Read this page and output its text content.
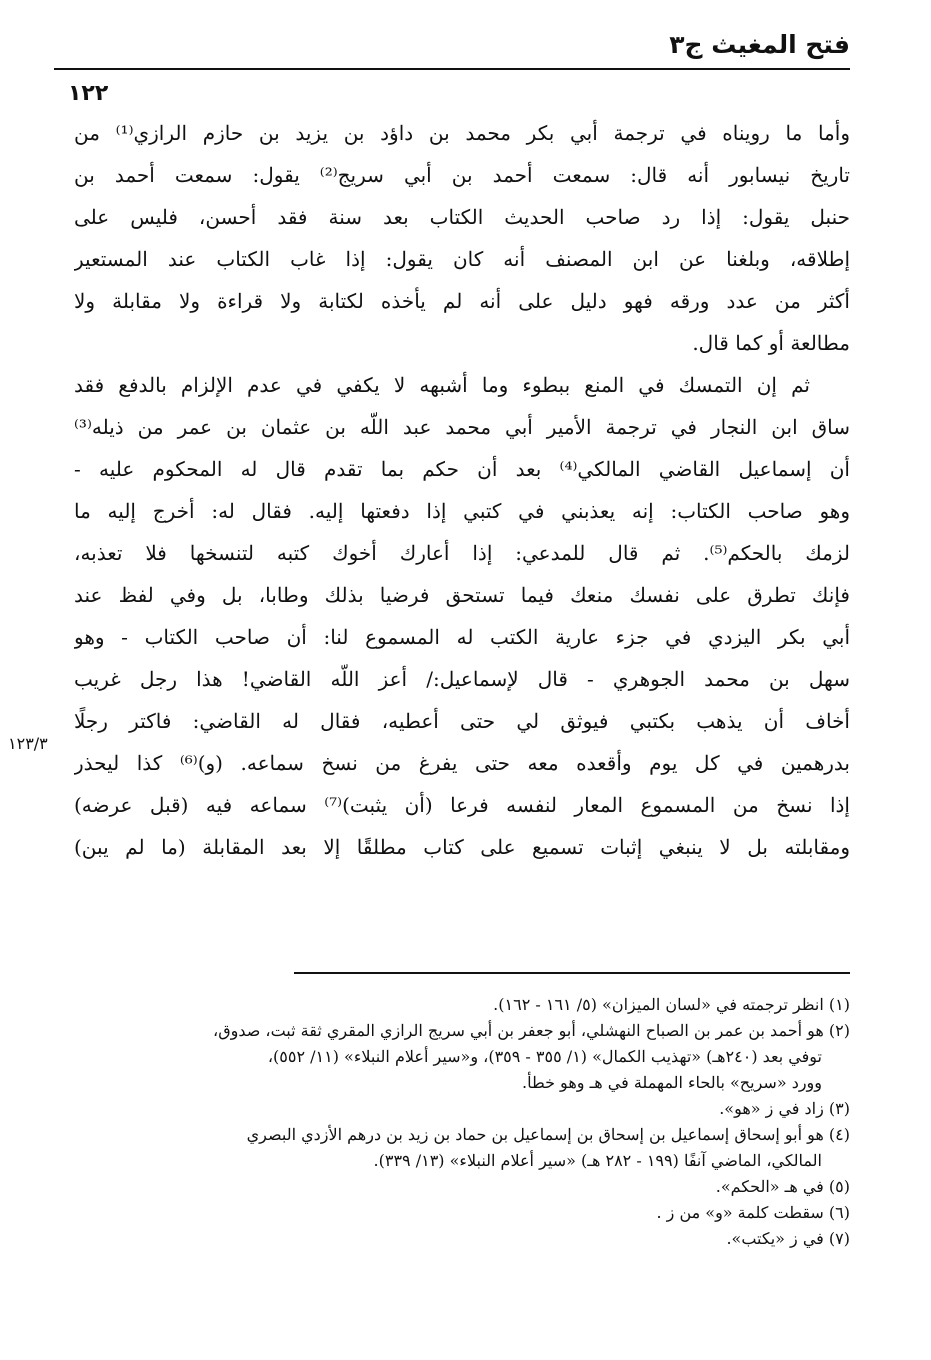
فتح المغيث ج٣
١٢٢
وأما ما رويناه في ترجمة أبي بكر محمد بن داؤد بن يزيد بن حازم الرازي⁽¹⁾ من
تاريخ نيسابور أنه قال: سمعت أحمد بن أبي سريج⁽²⁾ يقول: سمعت أحمد بن
حنبل يقول: إذا رد صاحب الحديث الكتاب بعد سنة فقد أحسن، فليس على
إطلاقه، وبلغنا عن ابن المصنف أنه كان يقول: إذا غاب الكتاب عند المستعير
أكثر من عدد ورقه فهو دليل على أنه لم يأخذه لكتابة ولا قراءة ولا مقابلة ولا
مطالعة أو كما قال.
ثم إن التمسك في المنع ببطوء وما أشبهه لا يكفي في عدم الإلزام بالدفع فقد
ساق ابن النجار في ترجمة الأمير أبي محمد عبد اللّه بن عثمان بن عمر من ذيله⁽³⁾
أن إسماعيل القاضي المالكي⁽⁴⁾ بعد أن حكم بما تقدم قال له المحكوم عليه -
وهو صاحب الكتاب: إنه يعذبني في كتبي إذا دفعتها إليه. فقال له: أخرج إليه ما
لزمك بالحكم⁽⁵⁾. ثم قال للمدعي: إذا أعارك أخوك كتبه لتنسخها فلا تعذبه،
فإنك تطرق على نفسك منعك فيما تستحق فرضيا بذلك وطابا، بل وفي لفظ عند
أبي بكر اليزدي في جزء عارية الكتب له المسموع لنا: أن صاحب الكتاب - وهو
سهل بن محمد الجوهري - قال لإسماعيل:/ أعز اللّه القاضي! هذا رجل غريب
أخاف أن يذهب بكتبي فيوثق لي حتى أعطيه، فقال له القاضي: فاكتر رجلًا
بدرهمين في كل يوم وأقعده معه حتى يفرغ من نسخ سماعه. (و)⁽⁶⁾ كذا ليحذر
إذا نسخ من المسموع المعار لنفسه فرعا (أن يثبت)⁽⁷⁾ سماعه فيه (قبل عرضه)
ومقابلته بل لا ينبغي إثبات تسميع على كتاب مطلقًا إلا بعد المقابلة (ما لم يبن)
١٢٣/٣
(١) انظر ترجمته في «لسان الميزان» (٥/ ١٦١ - ١٦٢).
(٢) هو أحمد بن عمر بن الصباح النهشلي، أبو جعفر بن أبي سريج الرازي المقري ثقة ثبت، صدوق،
توفي بعد (٢٤٠هـ) «تهذيب الكمال» (١/ ٣٥٥ - ٣٥٩)، و«سير أعلام النبلاء» (١١/ ٥٥٢)،
وورد «سريح» بالحاء المهملة في هـ وهو خطأ.
(٣) زاد في ز «هو».
(٤) هو أبو إسحاق إسماعيل بن إسحاق بن إسماعيل بن حماد بن زيد بن درهم الأزدي البصري
المالكي، الماضي آنفًا (١٩٩ - ٢٨٢ هـ) «سير أعلام النبلاء» (١٣/ ٣٣٩).
(٥) في هـ «الحكم».
(٦) سقطت كلمة «و» من ز .
(٧) في ز «يكتب».
